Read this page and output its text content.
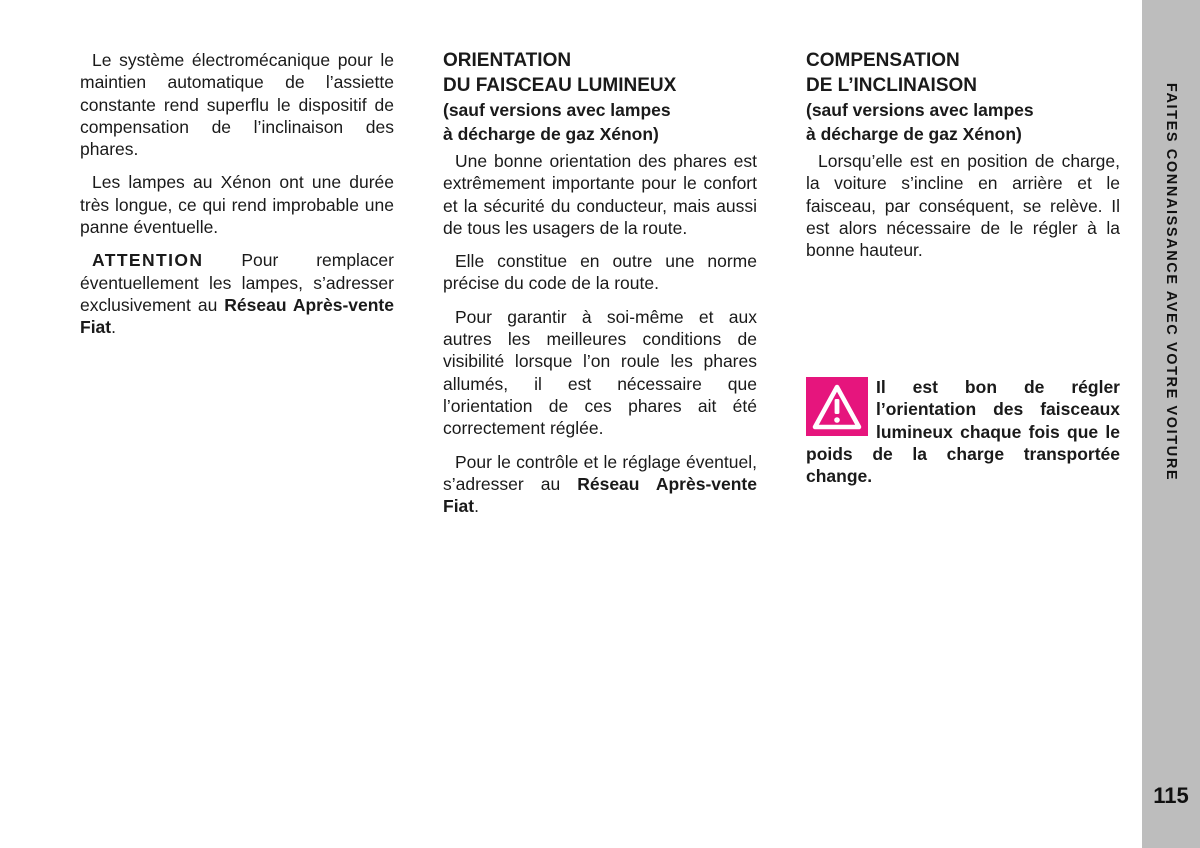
Le système électromécanique pour le maintien automatique de l’assiette constante rend superflu le dispositif de compensation de l’inclinaison des phares.

Les lampes au Xénon ont une durée très longue, ce qui rend improbable une panne éventuelle.

ATTENTION Pour remplacer éventuellement les lampes, s’adresser exclusivement au Réseau Après-vente Fiat.

ORIENTATION
DU FAISCEAU LUMINEUX
(sauf versions avec lampes
à décharge de gaz Xénon)

Une bonne orientation des phares est extrêmement importante pour le confort et la sécurité du conducteur, mais aussi de tous les usagers de la route.

Elle constitue en outre une norme précise du code de la route.

Pour garantir à soi-même et aux autres les meilleures conditions de visibilité lorsque l’on roule les phares allumés, il est nécessaire que l’orientation de ces phares ait été correctement réglée.

Pour le contrôle et le réglage éventuel, s’adresser au Réseau Après-vente Fiat.

COMPENSATION
DE L’INCLINAISON
(sauf versions avec lampes
à décharge de gaz Xénon)

Lorsqu’elle est en position de charge, la voiture s’incline en arrière et le faisceau, par conséquent, se relève. Il est alors nécessaire de le régler à la bonne hauteur.

Il est bon de régler l’orientation des faisceaux lumineux chaque fois que le poids de la charge transportée change.	FAITES CONNAISSANCE AVEC VOTRE VOITURE
115
